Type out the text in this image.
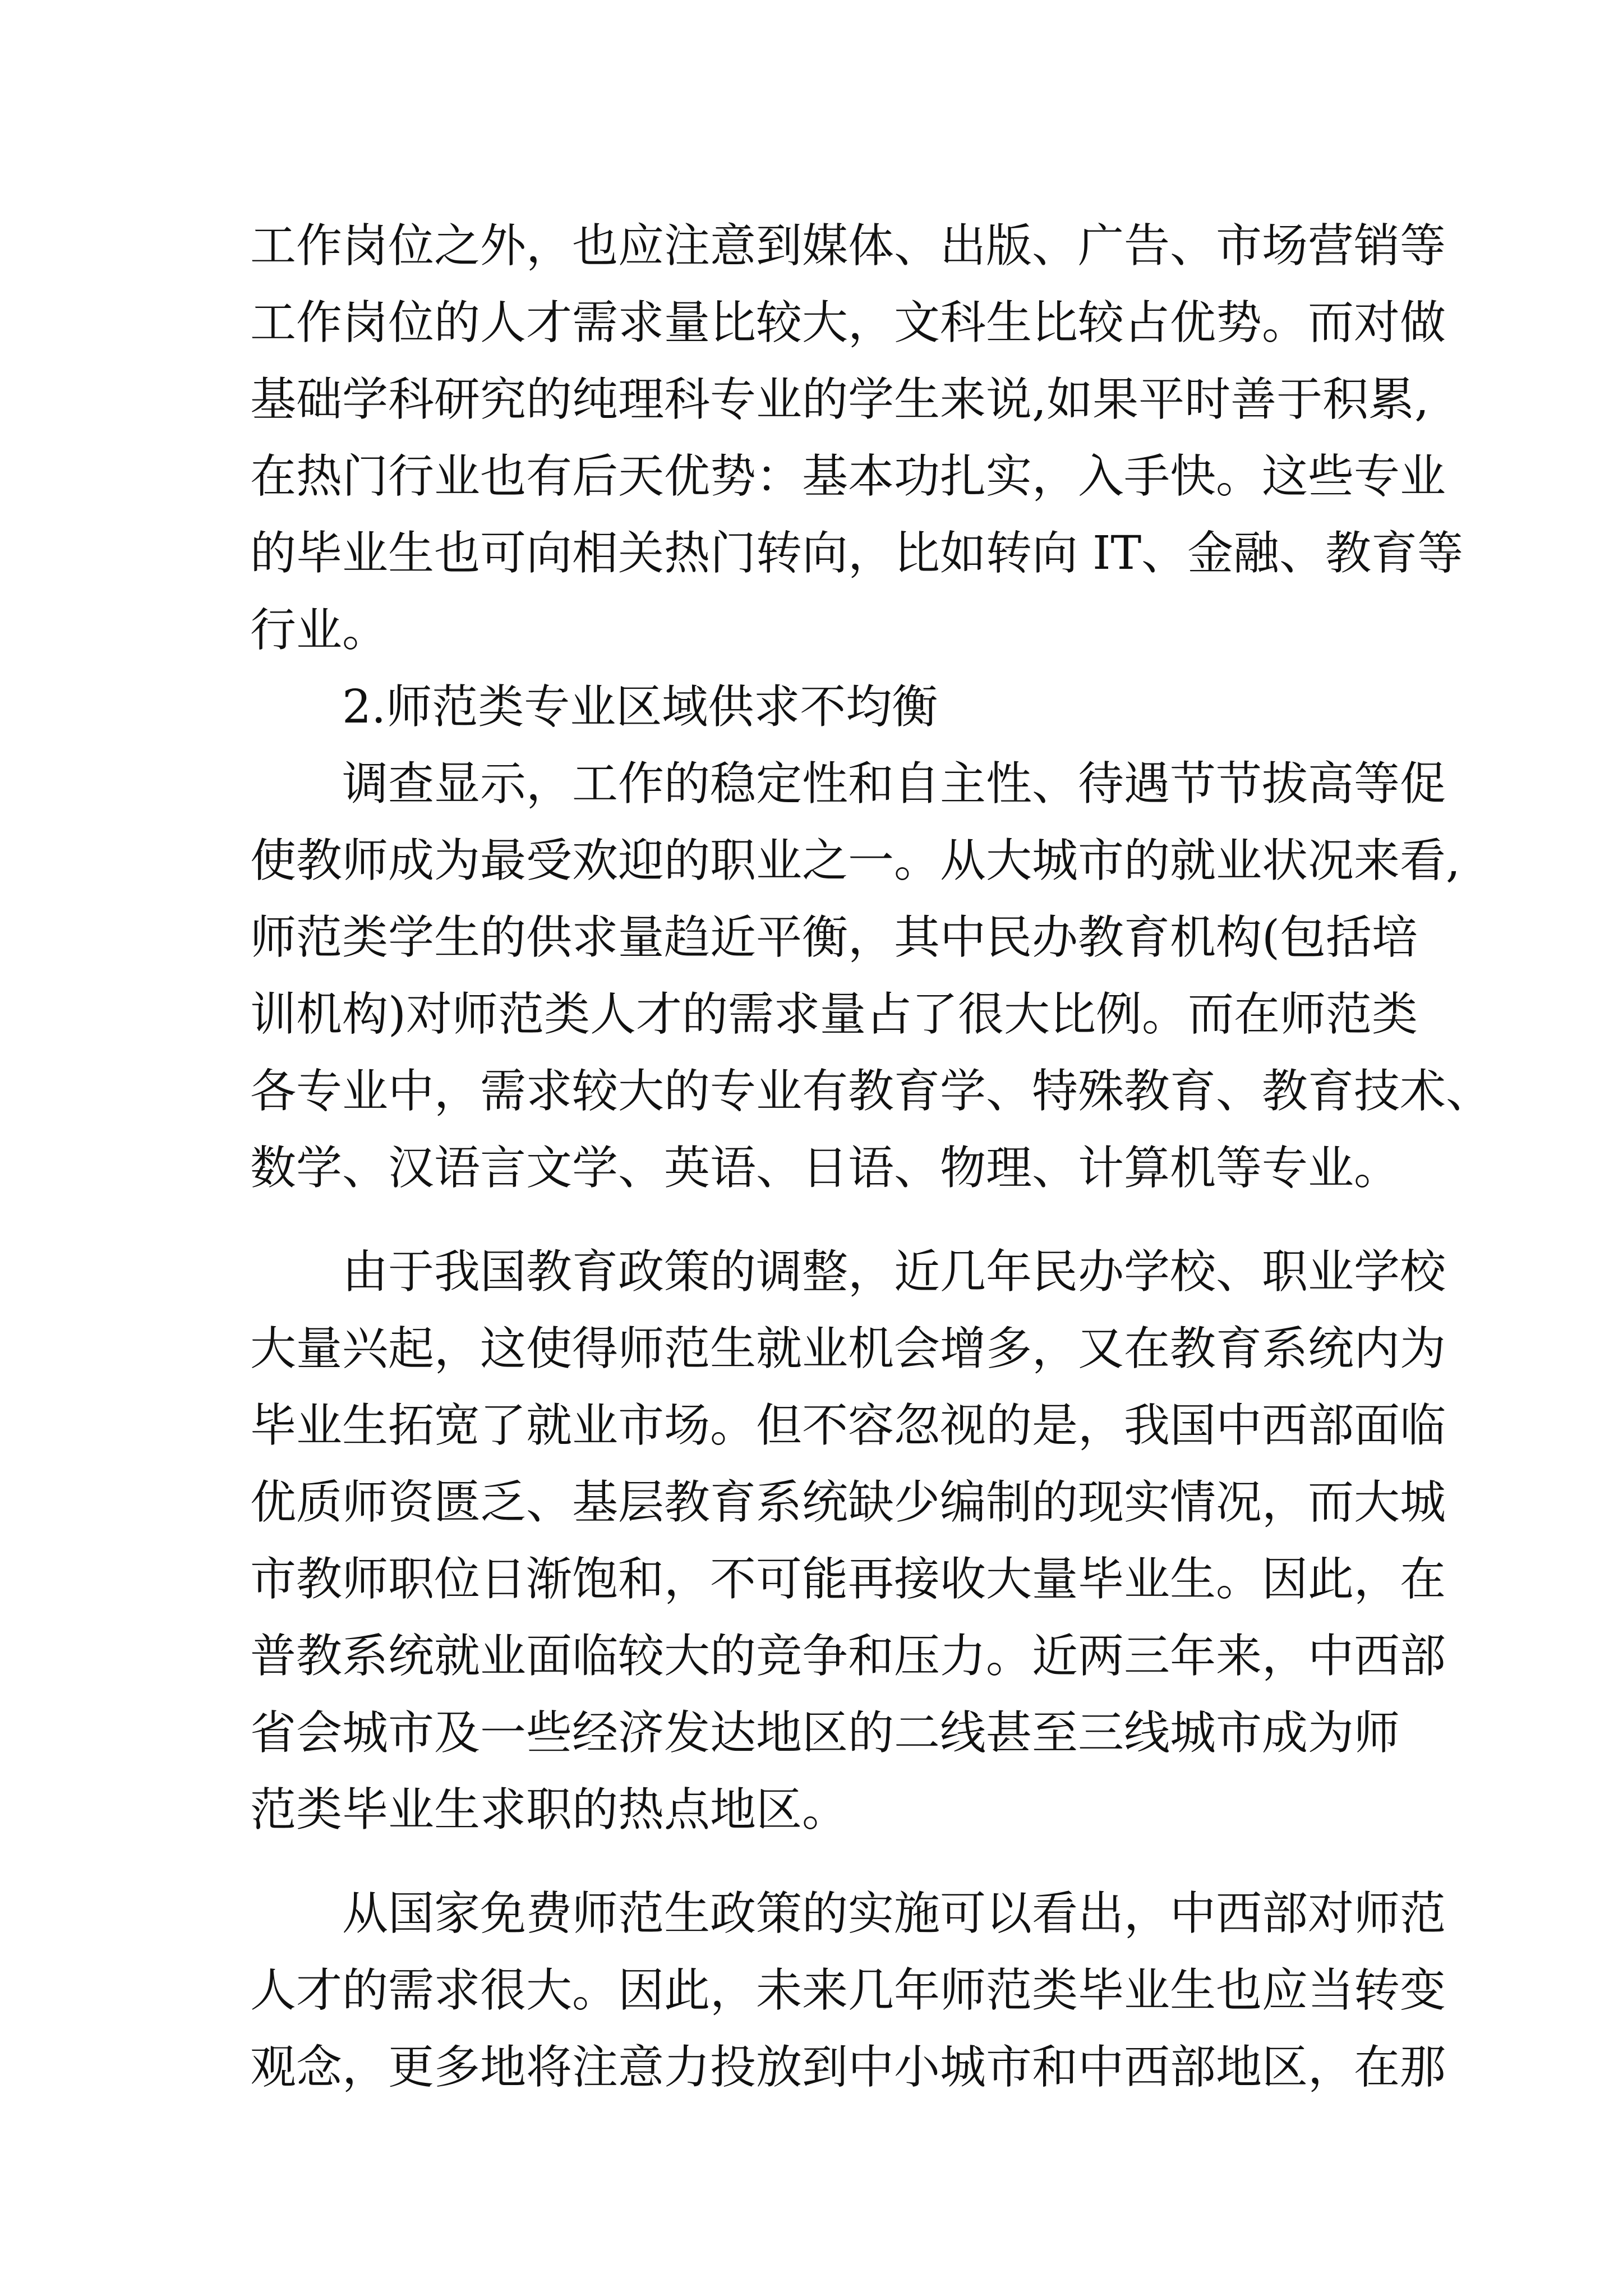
工作岗位之外，也应注意到媒体、出版、广告、市场营销等
工作岗位的人才需求量比较大，文科生比较占优势。而对做
基础学科研究的纯理科专业的学生来说,如果平时善于积累,
在热门行业也有后天优势：基本功扎实，入手快。这些专业
的毕业生也可向相关热门转向，比如转向 IT、金融、教育等
行业。
2.师范类专业区域供求不均衡
调查显示，工作的稳定性和自主性、待遇节节拔高等促
使教师成为最受欢迎的职业之一。从大城市的就业状况来看,
师范类学生的供求量趋近平衡，其中民办教育机构(包括培
训机构)对师范类人才的需求量占了很大比例。而在师范类
各专业中，需求较大的专业有教育学、特殊教育、教育技术、
数学、汉语言文学、英语、日语、物理、计算机等专业。
由于我国教育政策的调整，近几年民办学校、职业学校
大量兴起，这使得师范生就业机会增多，又在教育系统内为
毕业生拓宽了就业市场。但不容忽视的是，我国中西部面临
优质师资匮乏、基层教育系统缺少编制的现实情况，而大城
市教师职位日渐饱和，不可能再接收大量毕业生。因此，在
普教系统就业面临较大的竞争和压力。近两三年来，中西部
省会城市及一些经济发达地区的二线甚至三线城市成为师
范类毕业生求职的热点地区。
从国家免费师范生政策的实施可以看出，中西部对师范
人才的需求很大。因此，未来几年师范类毕业生也应当转变
观念，更多地将注意力投放到中小城市和中西部地区，在那
